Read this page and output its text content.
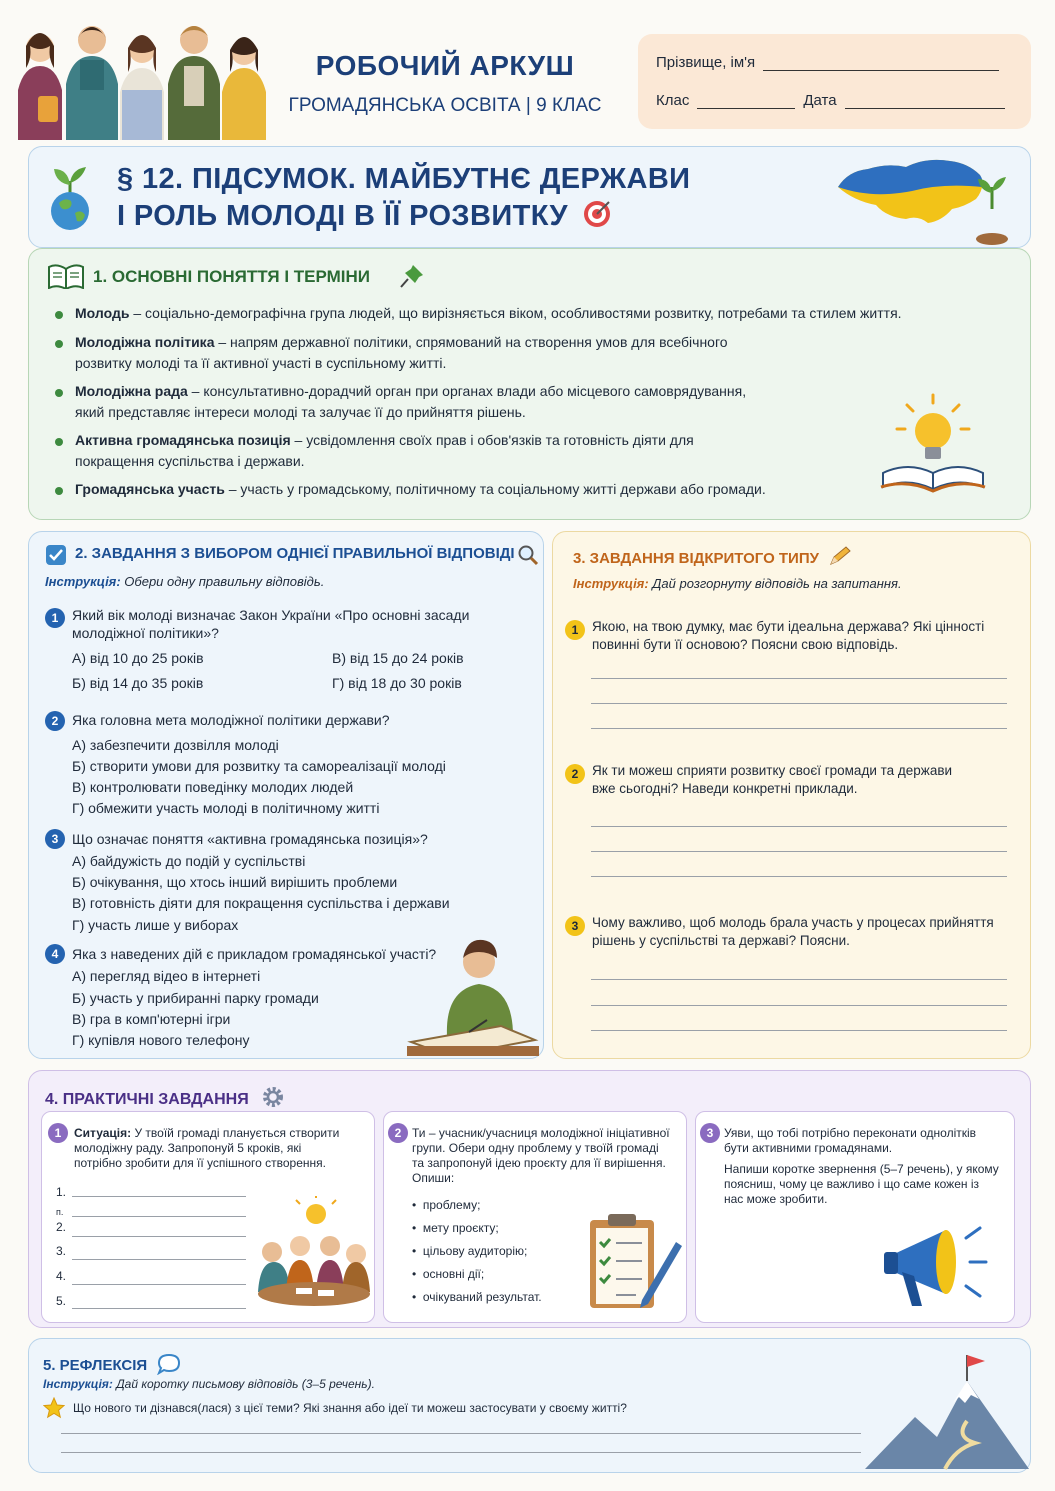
РОБОЧИЙ АРКУШ
ГРОМАДЯНСЬКА ОСВІТА | 9 КЛАС
Прізвище, ім'я
Клас	Дата
§ 12. ПІДСУМОК. МАЙБУТНЄ ДЕРЖАВИ
І РОЛЬ МОЛОДІ В ЇЇ РОЗВИТКУ
1. ОСНОВНІ ПОНЯТТЯ І ТЕРМІНИ
Молодь – соціально-демографічна група людей, що вирізняється віком, особливостями розвитку, потребами та стилем життя.
Молодіжна політика – напрям державної політики, спрямований на створення умов для всебічного
розвитку молоді та її активної участі в суспільному житті.
Молодіжна рада – консультативно-дорадчий орган при органах влади або місцевого самоврядування,
який представляє інтереси молоді та залучає її до прийняття рішень.
Активна громадянська позиція – усвідомлення своїх прав і обов'язків та готовність діяти для
покращення суспільства і держави.
Громадянська участь – участь у громадському, політичному та соціальному житті держави або громади.
2. ЗАВДАННЯ З ВИБОРОМ ОДНІЄЇ ПРАВИЛЬНОЇ ВІДПОВІДІ
Інструкція: Обери одну правильну відповідь.
1 Який вік молоді визначає Закон України «Про основні засади
молодіжної політики»?
А) від 10 до 25 років	В) від 15 до 24 років
Б) від 14 до 35 років	Г) від 18 до 30 років
2 Яка головна мета молодіжної політики держави?
А) забезпечити дозвілля молоді
Б) створити умови для розвитку та самореалізації молоді
В) контролювати поведінку молодих людей
Г) обмежити участь молоді в політичному житті
3 Що означає поняття «активна громадянська позиція»?
А) байдужість до подій у суспільстві
Б) очікування, що хтось інший вирішить проблеми
В) готовність діяти для покращення суспільства і держави
Г) участь лише у виборах
4 Яка з наведених дій є прикладом громадянської участі?
А) перегляд відео в інтернеті
Б) участь у прибиранні парку громади
В) гра в комп'ютерні ігри
Г) купівля нового телефону
3. ЗАВДАННЯ ВІДКРИТОГО ТИПУ
Інструкція: Дай розгорнуту відповідь на запитання.
1	Якою, на твою думку, має бути ідеальна держава? Які цінності
повинні бути її основою? Поясни свою відповідь.
2	Як ти можеш сприяти розвитку своєї громади та держави
вже сьогодні? Наведи конкретні приклади.
3	Чому важливо, щоб молодь брала участь у процесах прийняття
рішень у суспільстві та державі? Поясни.
4. ПРАКТИЧНІ ЗАВДАННЯ
1	Ситуація: У твоїй громаді планується створити
молодіжну раду. Запропонуй 5 кроків, які
потрібно зробити для її успішного створення.
1.
п.
2.
3.
4.
5.
2 Ти – учасник/учасниця молодіжної ініціативної
групи. Обери одну проблему у твоїй громаді
та запропонуй ідею проєкту для її вирішення.
Опиши:
•  проблему;
•  мету проєкту;
•  цільову аудиторію;
•  основні дії;
•  очікуваний результат.
3 Уяви, що тобі потрібно переконати однолітків
бути активними громадянами.
Напиши коротке звернення (5–7 речень), у якому
поясниш, чому це важливо і що саме кожен із
нас може зробити.
5. РЕФЛЕКСІЯ
Інструкція: Дай коротку письмову відповідь (3–5 речень).
Що нового ти дізнався(лася) з цієї теми? Які знання або ідеї ти можеш застосувати у своєму житті?
